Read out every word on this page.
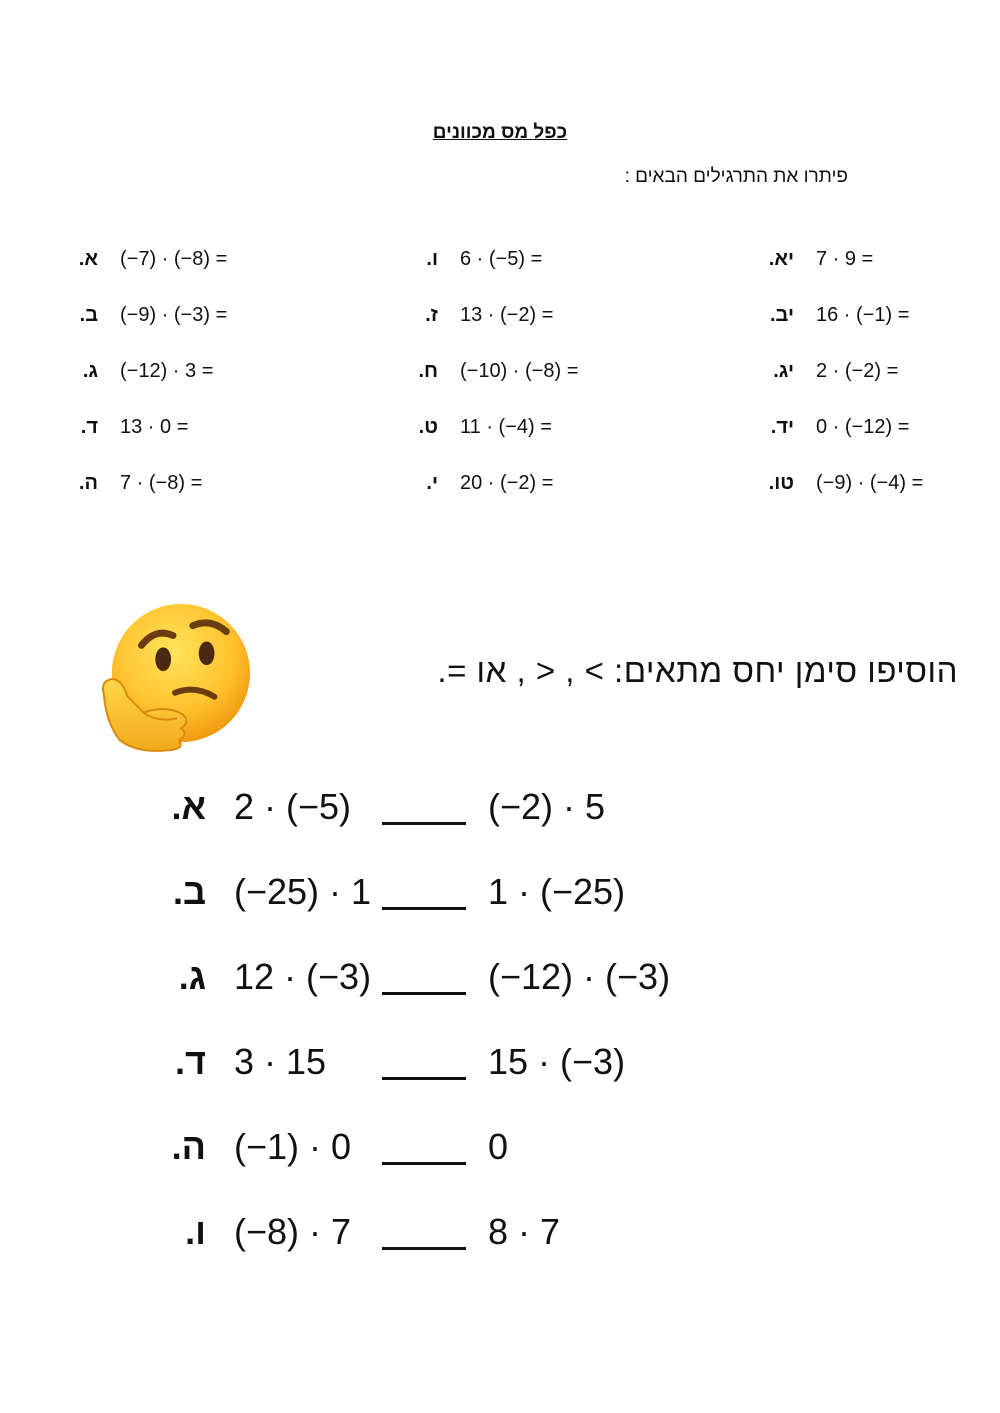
כפל מס מכוונים
פיתרו את התרגילים הבאים :
א. (−7) · (−8) =
ב. (−9) · (−3) =
ג. (−12) · 3 =
ד. 13 · 0 =
ה. 7 · (−8) =
ו. 6 · (−5) =
ז. 13 · (−2) =
ח. (−10) · (−8) =
ט. 11 · (−4) =
י. 20 · (−2) =
יא. 7 · 9 =
יב. 16 · (−1) =
יג. 2 · (−2) =
יד. 0 · (−12) =
טו. (−9) · (−4) =
הוסיפו סימן יחס מתאים: > , < , או =.
א. 2 · (−5)	(−2) · 5
ב. (−25) · 1	1 · (−25)
ג. 12 · (−3)	(−12) · (−3)
ד. 3 · 15	15 · (−3)
ה. (−1) · 0	0
ו. (−8) · 7	8 · 7
